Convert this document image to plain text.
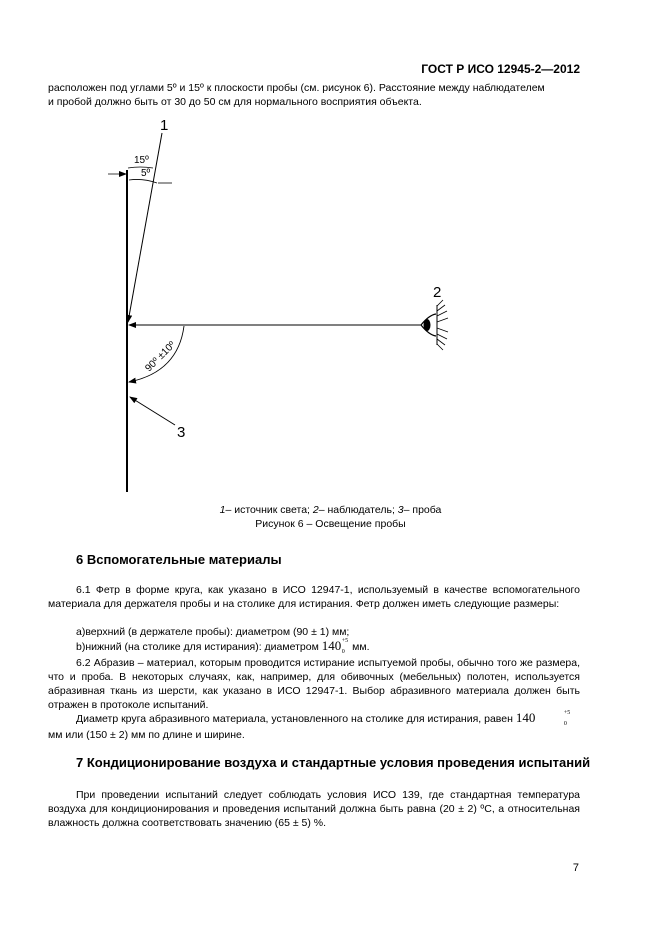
ГОСТ Р ИСО 12945-2—2012
расположен под углами 5º и 15º к плоскости пробы (см. рисунок 6). Расстояние между наблюдателем
и пробой должно быть от 30 до 50 см для нормального восприятия объекта.
1
2
3
15º
5º
90º ±10º
1– источник света; 2– наблюдатель; 3– проба
Рисунок 6 – Освещение пробы
6 Вспомогательные материалы
6.1 Фетр в форме круга, как указано в ИСО 12947-1, используемый в качестве вспомогательного материала для держателя пробы и на столике для истирания. Фетр должен иметь следующие размеры:
а)верхний (в держателе пробы): диаметром (90 ± 1) мм;
b)нижний (на столике для истирания): диаметром 140 +5
0 мм.
6.2 Абразив – материал, которым проводится истирание испытуемой пробы, обычно того же размера, что и проба. В некоторых случаях, как, например, для обивочных (мебельных) полотен, используется абразивная ткань из шерсти, как указано в ИСО 12947-1. Выбор абразивного материала должен быть отражен в протоколе испытаний.
Диаметр круга абразивного материала, установленного на столике для истирания, равен 140	+5
0
мм или (150 ± 2) мм по длине и ширине.
7 Кондиционирование воздуха и стандартные условия проведения испытаний
При проведении испытаний следует соблюдать условия ИСО 139, где стандартная температура воздуха для кондиционирования и проведения испытаний должна быть равна (20 ± 2) ºС, а относительная влажность должна соответствовать значению (65 ± 5) %.
7
